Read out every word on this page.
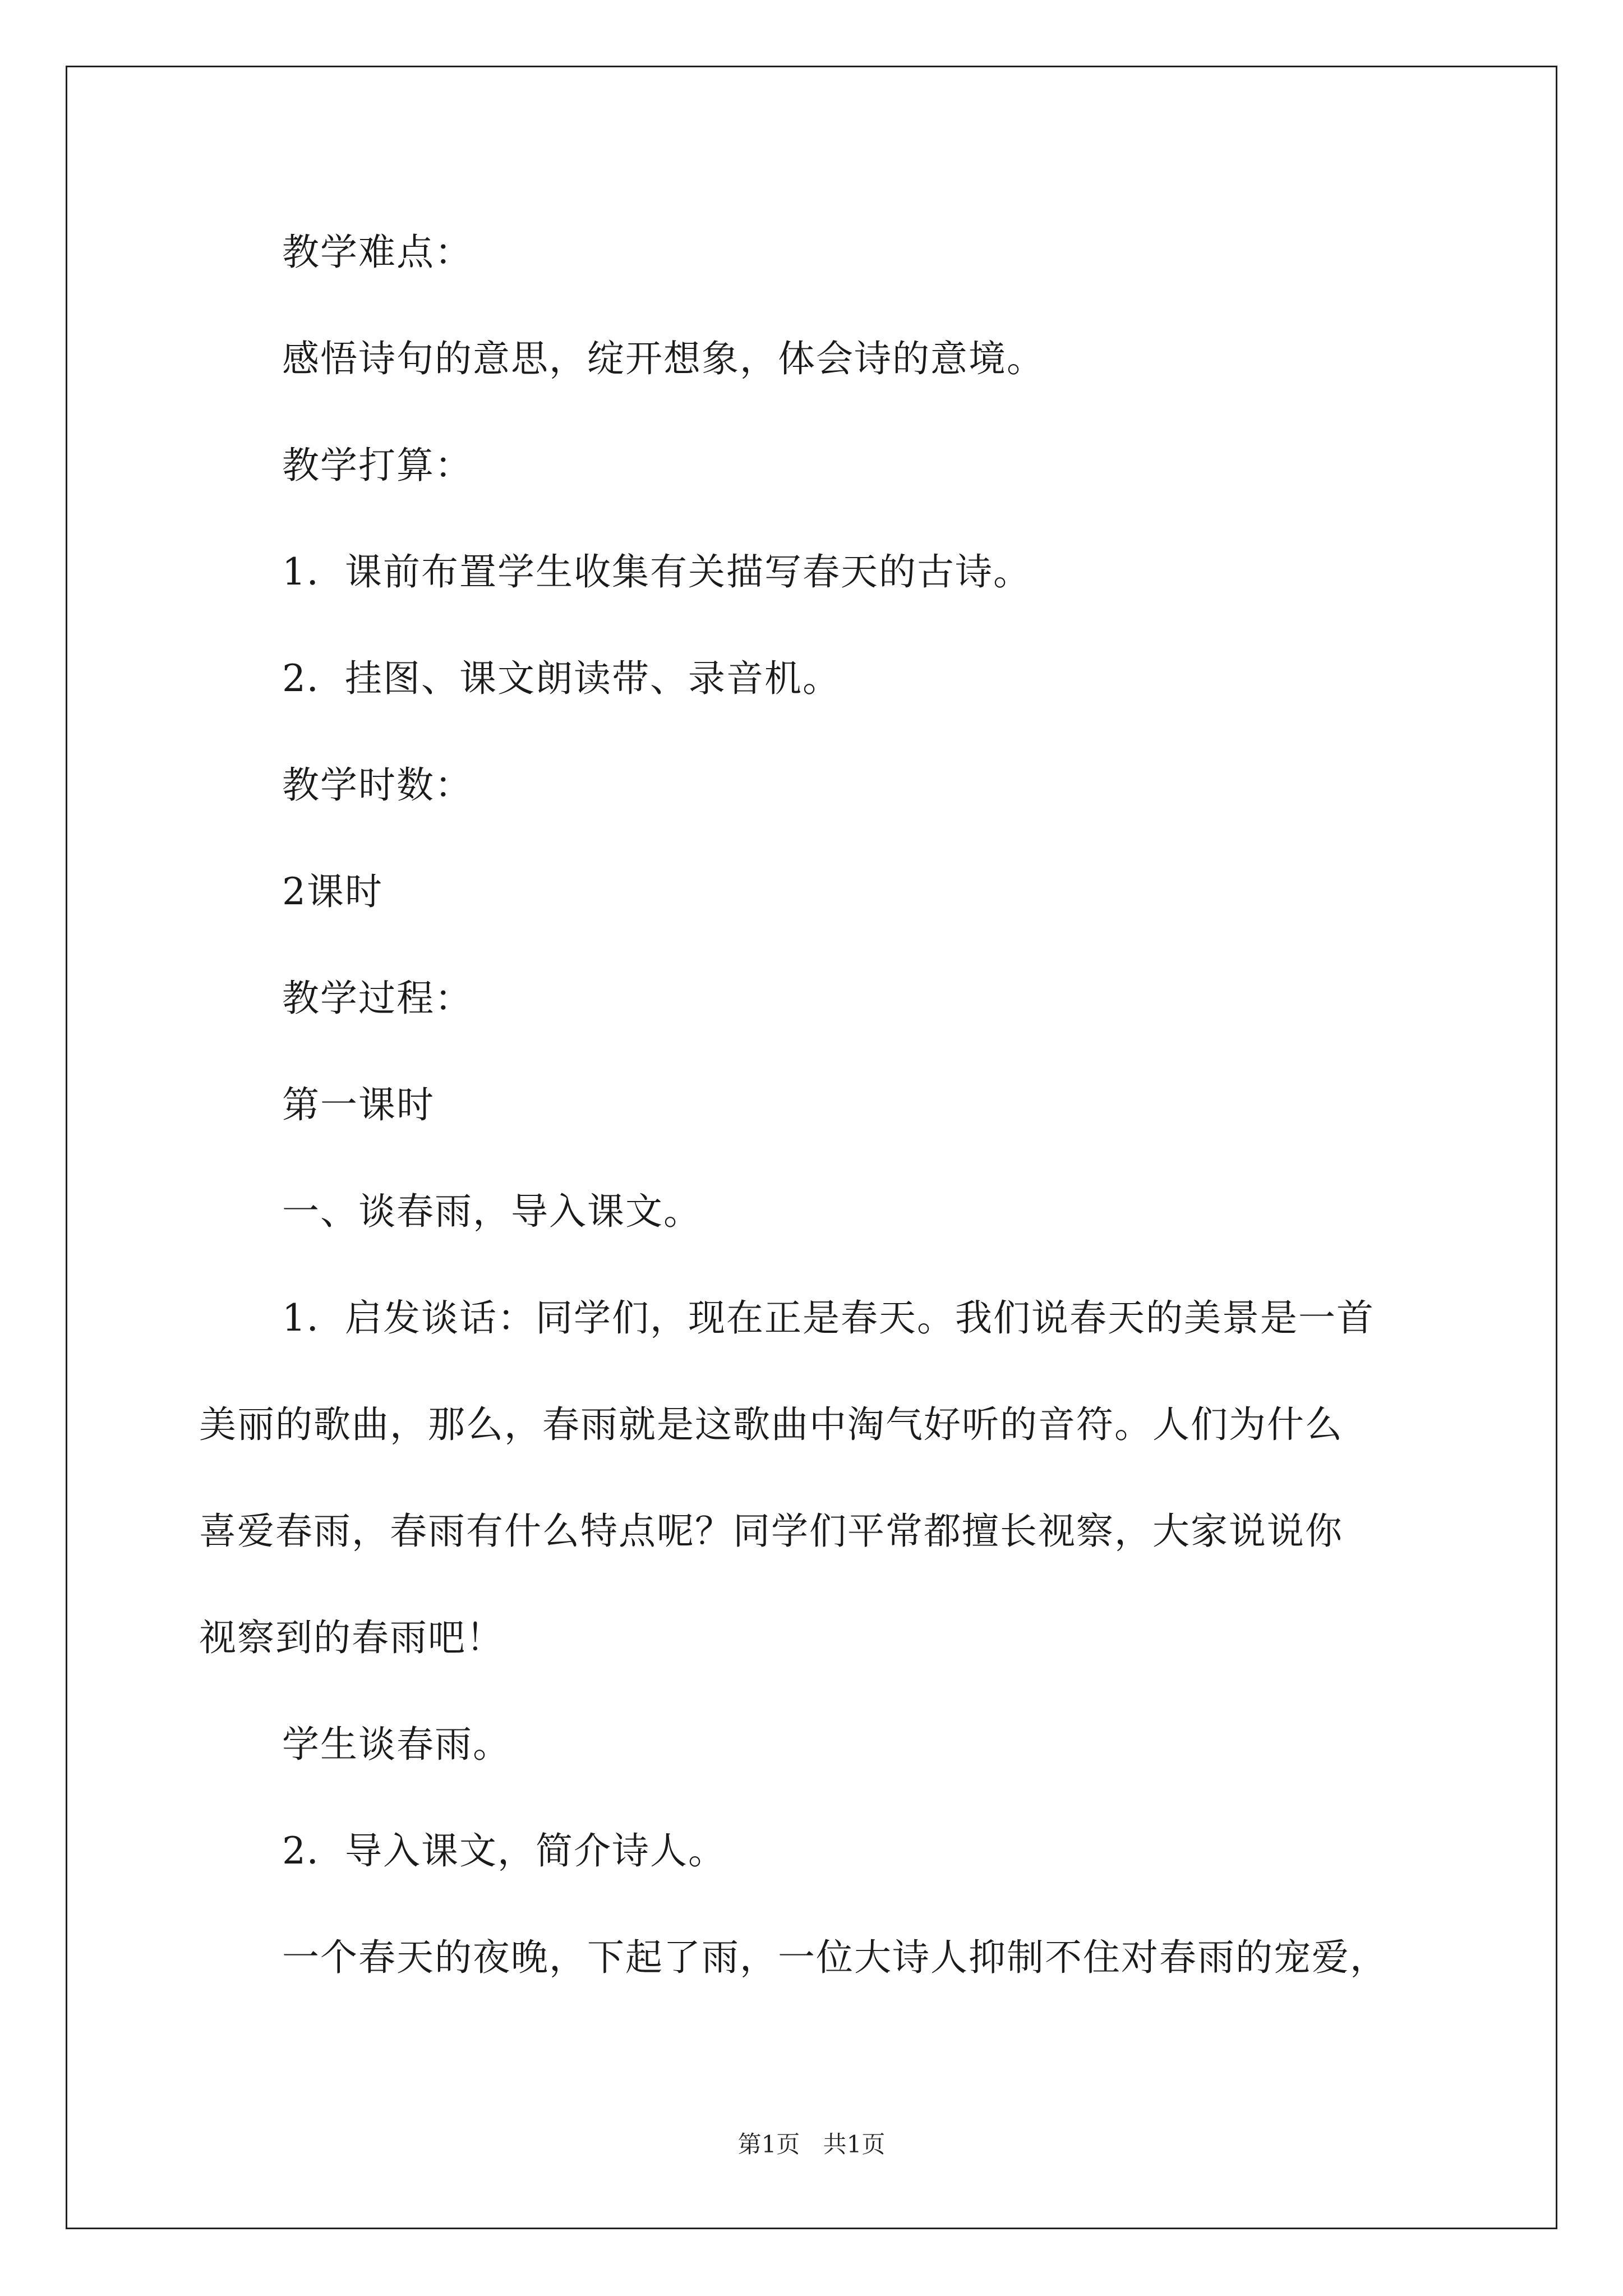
教学难点：
感悟诗句的意思，绽开想象，体会诗的意境。
教学打算：
1．课前布置学生收集有关描写春天的古诗。
2．挂图、课文朗读带、录音机。
教学时数：
2课时
教学过程：
第一课时
一、谈春雨，导入课文。
1．启发谈话：同学们，现在正是春天。我们说春天的美景是一首
美丽的歌曲，那么，春雨就是这歌曲中淘气好听的音符。人们为什么
喜爱春雨，春雨有什么特点呢？同学们平常都擅长视察，大家说说你
视察到的春雨吧！
学生谈春雨。
2．导入课文，简介诗人。
一个春天的夜晚，下起了雨，一位大诗人抑制不住对春雨的宠爱，
第1页 共1页
